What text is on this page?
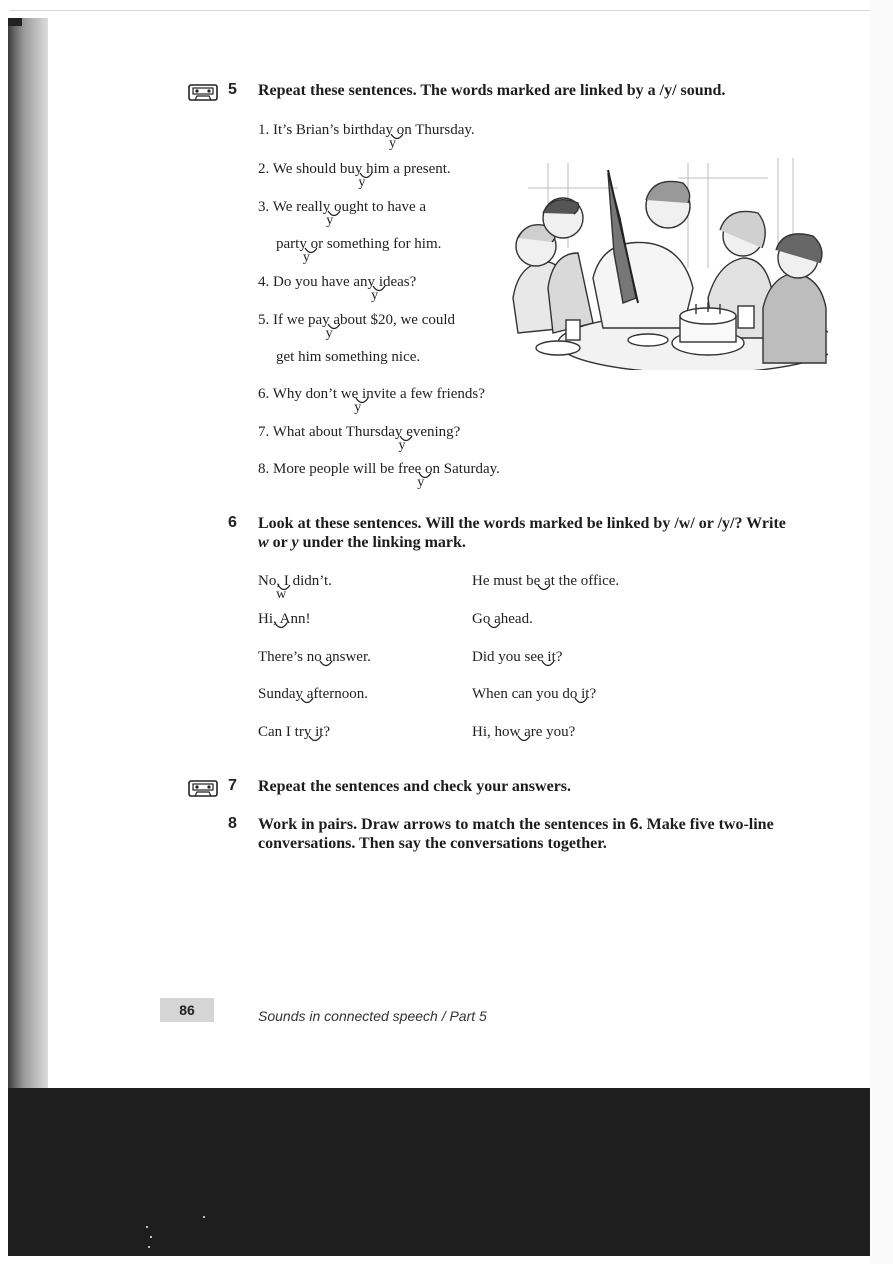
5 Repeat these sentences. The words marked are linked by a /y/ sound.
6 Look at these sentences. Will the words marked be linked by /w/ or /y/? Write
w or y under the linking mark.
7 Repeat the sentences and check your answers.
8 Work in pairs. Draw arrows to match the sentences in 6. Make five two-line
conversations. Then say the conversations together.
86	Sounds in connected speech / Part 5
1. It’s Brian’s birthday
on Thursday.
y
2. We should buy
him a present.
y
3. We really
ought to have a
y
party
or something for him.
y
4. Do you have any
ideas?
y
5. If we pay
about $20, we could
y
get him something nice.
6. Why don’t we
invite a few friends?
y
7. What about Thursday
evening?
y
8. More people will be free
on Saturday.
y
No,
I didn’t.
w
Hi,
Ann!
There’s no
answer.
Sunday
afternoon.
Can I try
it?
He must be
at the office.
Go
ahead.
Did you see
it?
When can you do
it?
Hi, how
are you?
